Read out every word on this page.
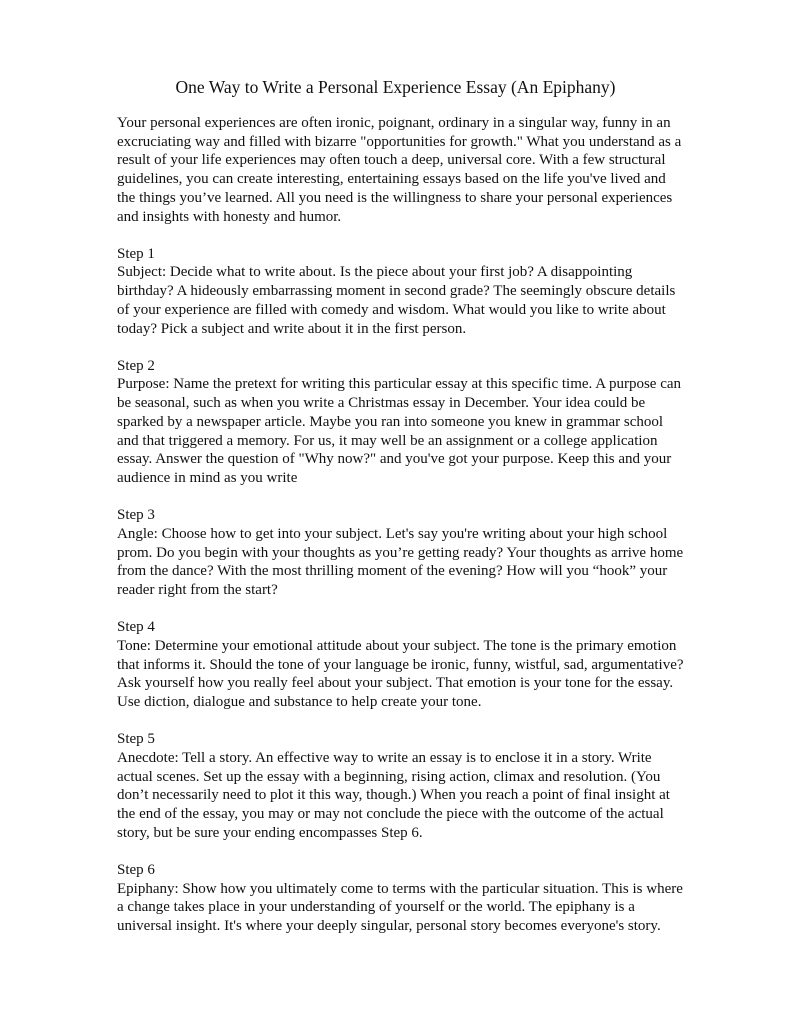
One Way to Write a Personal Experience Essay (An Epiphany)

Your personal experiences are often ironic, poignant, ordinary in a singular way, funny in an excruciating way and filled with bizarre "opportunities for growth." What you understand as a result of your life experiences may often touch a deep, universal core. With a few structural guidelines, you can create interesting, entertaining essays based on the life you've lived and the things you’ve learned. All you need is the willingness to share your personal experiences and insights with honesty and humor.

Step 1
Subject: Decide what to write about. Is the piece about your first job? A disappointing birthday? A hideously embarrassing moment in second grade? The seemingly obscure details of your experience are filled with comedy and wisdom. What would you like to write about today? Pick a subject and write about it in the first person.
Step 2
Purpose: Name the pretext for writing this particular essay at this specific time. A purpose can be seasonal, such as when you write a Christmas essay in December. Your idea could be sparked by a newspaper article. Maybe you ran into someone you knew in grammar school and that triggered a memory. For us, it may well be an assignment or a college application essay. Answer the question of "Why now?" and you've got your purpose. Keep this and your audience in mind as you write
Step 3
Angle: Choose how to get into your subject. Let's say you're writing about your high school prom. Do you begin with your thoughts as you’re getting ready? Your thoughts as arrive home from the dance? With the most thrilling moment of the evening? How will you “hook” your reader right from the start?
Step 4
Tone: Determine your emotional attitude about your subject. The tone is the primary emotion that informs it. Should the tone of your language be ironic, funny, wistful, sad, argumentative? Ask yourself how you really feel about your subject. That emotion is your tone for the essay. Use diction, dialogue and substance to help create your tone.
Step 5
Anecdote: Tell a story. An effective way to write an essay is to enclose it in a story. Write actual scenes. Set up the essay with a beginning, rising action, climax and resolution. (You don’t necessarily need to plot it this way, though.) When you reach a point of final insight at the end of the essay, you may or may not conclude the piece with the outcome of the actual story, but be sure your ending encompasses Step 6.
Step 6
Epiphany: Show how you ultimately come to terms with the particular situation. This is where a change takes place in your understanding of yourself or the world. The epiphany is a universal insight. It's where your deeply singular, personal story becomes everyone's story.
